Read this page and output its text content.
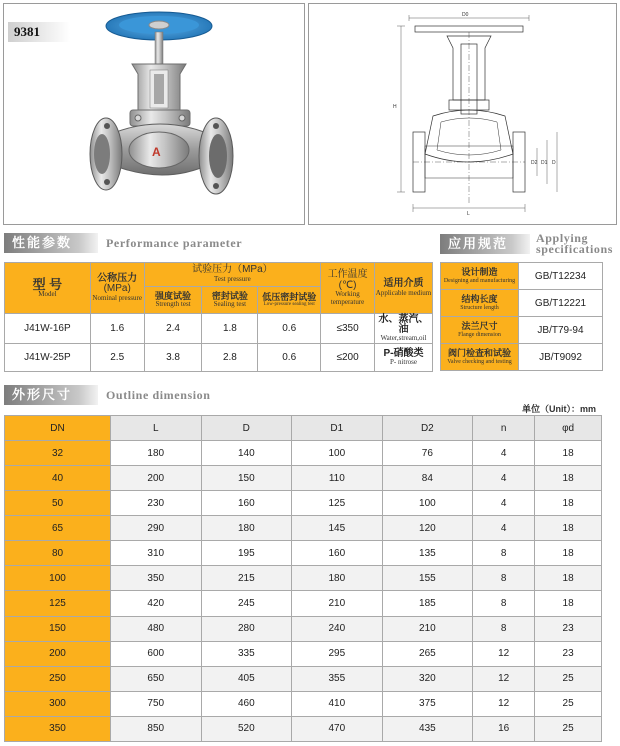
9381
A
D0
H
L
D2 D1 D
性能参数	Performance parameter	应用规范	Applying
specifications
型 号
Model	公称压力
(MPa)
Nominal pressure	试验压力（MPa）
Test pressure			工作温度
(℃)
Working temperature	适用介质
Applicable medium

		强度试验
Strength test	密封试验
Sealing test	低压密封试验
Low-pressure sealing test		

J41W-16P	1.6	2.4	1.8	0.6	≤350	水、蒸汽、油
Water,stream,oil

J41W-25P	2.5	3.8	2.8	0.6	≤200	P-硝酸类
P- nitrose
设计制造
Designing and manufacturing	GB/T12234

结构长度
Structure length	GB/T12221

法兰尺寸
Flange dimension	JB/T79-94

阀门检查和试验
Valve checking and testing	JB/T9092
外形尺寸	Outline dimension
单位（Unit）：mm
DN	L	D	D1	D2	n	φd
32	180	140	100	76	4	18
40	200	150	110	84	4	18
50	230	160	125	100	4	18
65	290	180	145	120	4	18
80	310	195	160	135	8	18
100	350	215	180	155	8	18
125	420	245	210	185	8	18
150	480	280	240	210	8	23
200	600	335	295	265	12	23
250	650	405	355	320	12	25
300	750	460	410	375	12	25
350	850	520	470	435	16	25
